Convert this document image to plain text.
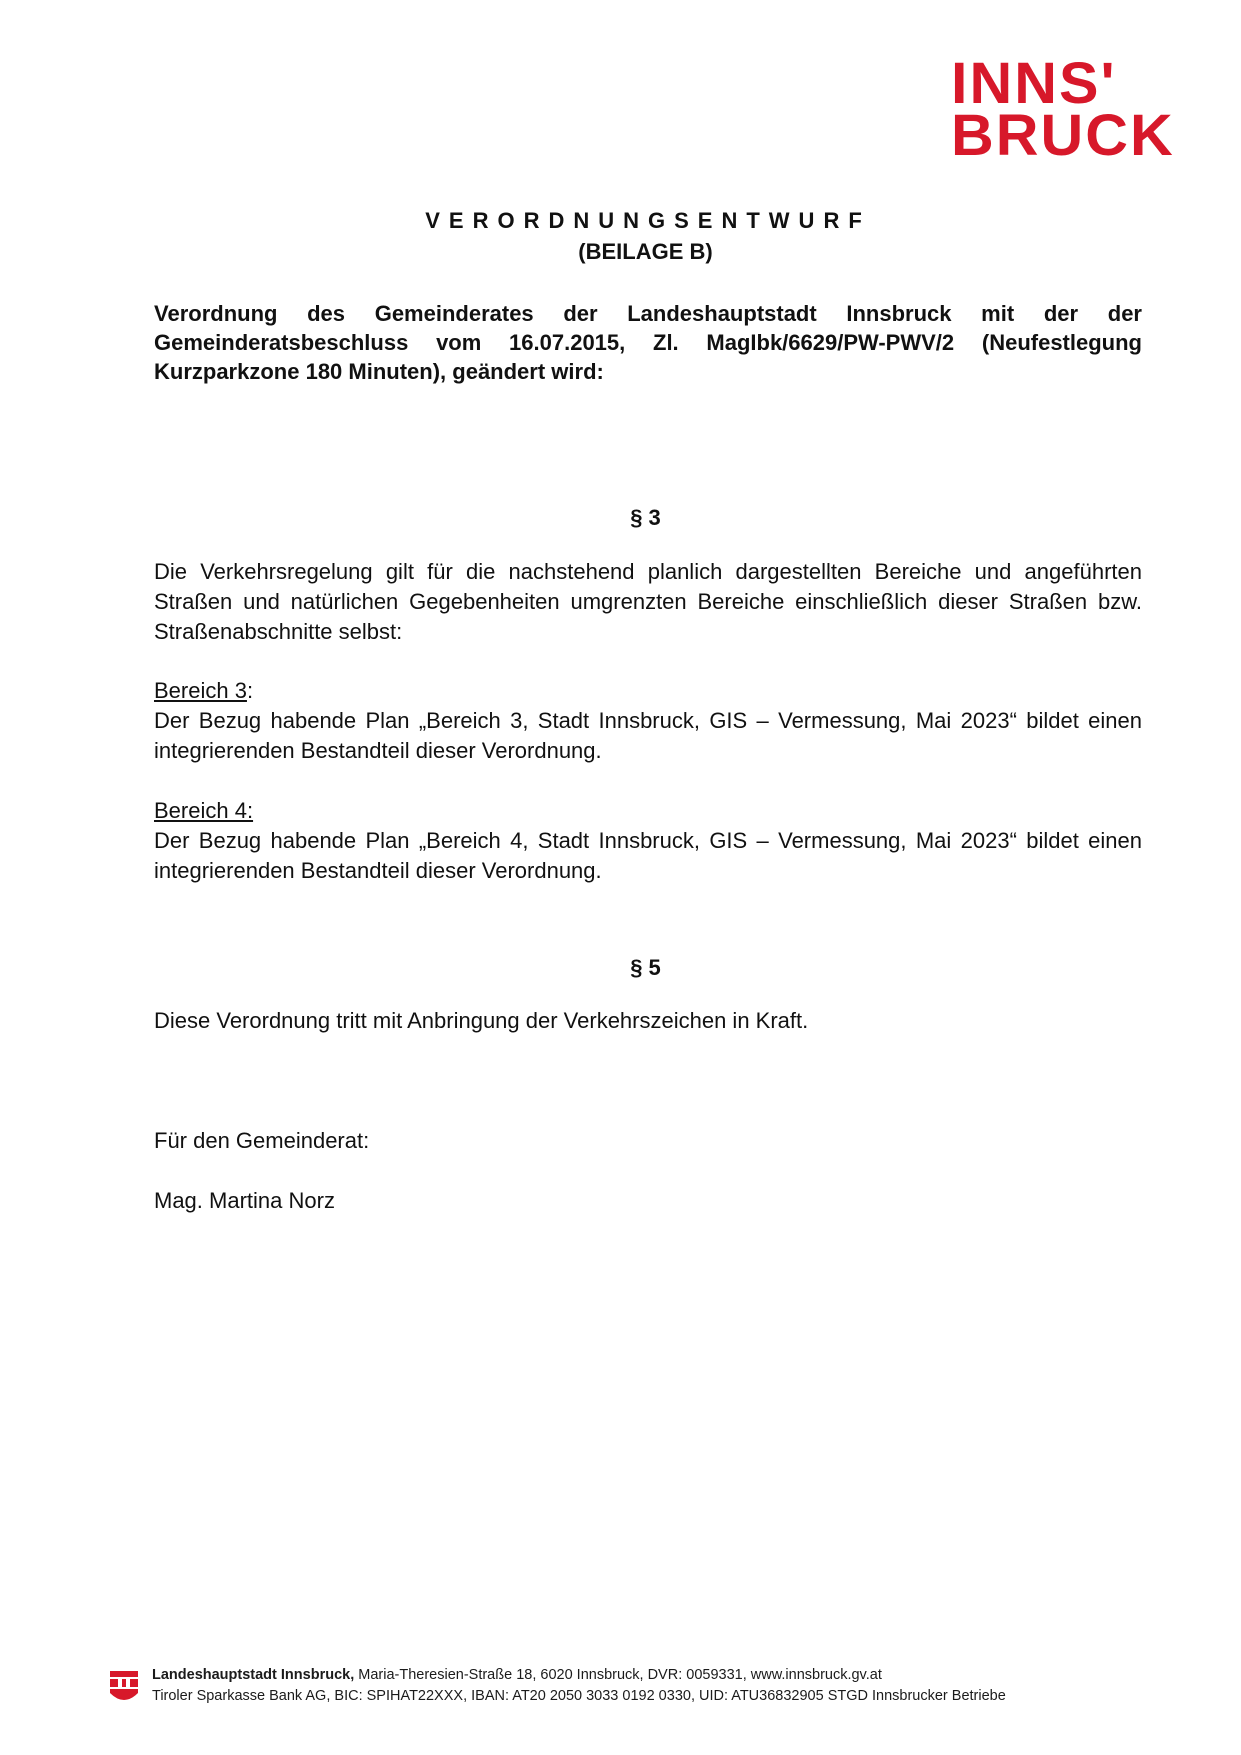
INNS'
BRUCK
VERORDNUNGSENTWURF
(BEILAGE B)

Verordnung des Gemeinderates der Landeshauptstadt Innsbruck mit der der Gemeinderatsbeschluss vom 16.07.2015, Zl. MagIbk/6629/PW-PWV/2 (Neufestlegung Kurzparkzone 180 Minuten), geändert wird:

§ 3

Die Verkehrsregelung gilt für die nachstehend planlich dargestellten Bereiche und angeführten Straßen und natürlichen Gegebenheiten umgrenzten Bereiche einschließlich dieser Straßen bzw. Straßenabschnitte selbst:

Bereich 3:

Der Bezug habende Plan „Bereich 3, Stadt Innsbruck, GIS – Vermessung, Mai 2023“ bildet einen integrierenden Bestandteil dieser Verordnung.

Bereich 4:

Der Bezug habende Plan „Bereich 4, Stadt Innsbruck, GIS – Vermessung, Mai 2023“ bildet einen integrierenden Bestandteil dieser Verordnung.

§ 5

Diese Verordnung tritt mit Anbringung der Verkehrszeichen in Kraft.

Für den Gemeinderat:

Mag. Martina Norz

Landeshauptstadt Innsbruck, Maria-Theresien-Straße 18, 6020 Innsbruck, DVR: 0059331, www.innsbruck.gv.at
Tiroler Sparkasse Bank AG, BIC: SPIHAT22XXX, IBAN: AT20 2050 3033 0192 0330, UID: ATU36832905 STGD Innsbrucker Betriebe
